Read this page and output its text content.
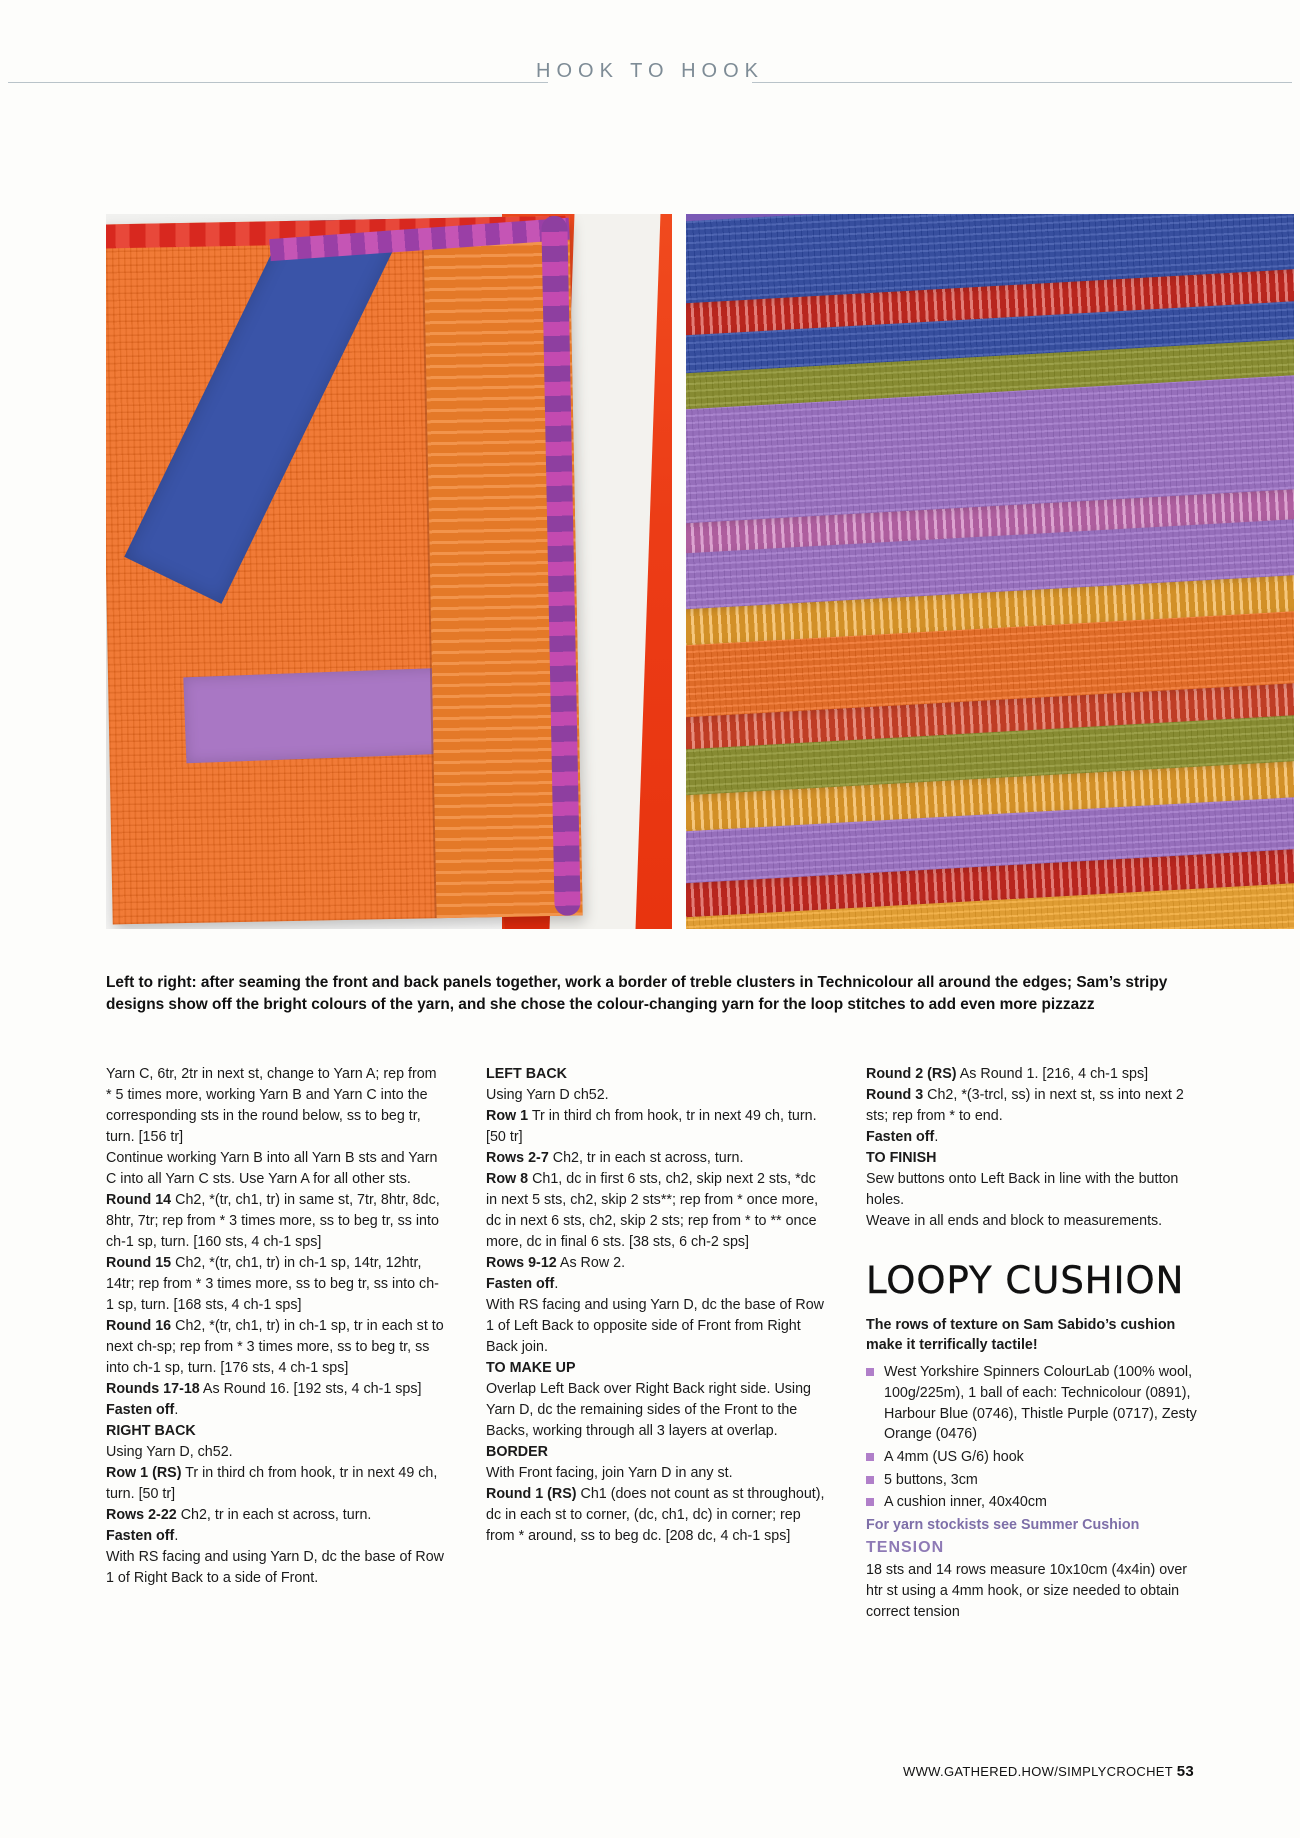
HOOK TO HOOK
Left to right: after seaming the front and back panels together, work a border of treble clusters in Technicolour all around the edges; Sam’s stripy designs show off the bright colours of the yarn, and she chose the colour-changing yarn for the loop stitches to add even more pizzazz

Yarn C, 6tr, 2tr in next st, change to Yarn A; rep from * 5 times more, working Yarn B and Yarn C into the corresponding sts in the round below, ss to beg tr, turn. [156 tr]

Continue working Yarn B into all Yarn B sts and Yarn C into all Yarn C sts. Use Yarn A for all other sts.

Round 14 Ch2, *(tr, ch1, tr) in same st, 7tr, 8htr, 8dc, 8htr, 7tr; rep from * 3 times more, ss to beg tr, ss into ch-1 sp, turn. [160 sts, 4 ch-1 sps]

Round 15 Ch2, *(tr, ch1, tr) in ch-1 sp, 14tr, 12htr, 14tr; rep from * 3 times more, ss to beg tr, ss into ch-1 sp, turn. [168 sts, 4 ch-1 sps]

Round 16 Ch2, *(tr, ch1, tr) in ch-1 sp, tr in each st to next ch-sp; rep from * 3 times more, ss to beg tr, ss into ch-1 sp, turn. [176 sts, 4 ch-1 sps]

Rounds 17-18 As Round 16. [192 sts, 4 ch-1 sps]

Fasten off.

RIGHT BACK

Using Yarn D, ch52.

Row 1 (RS) Tr in third ch from hook, tr in next 49 ch, turn. [50 tr]

Rows 2-22 Ch2, tr in each st across, turn.

Fasten off.

With RS facing and using Yarn D, dc the base of Row 1 of Right Back to a side of Front.

LEFT BACK

Using Yarn D ch52.

Row 1 Tr in third ch from hook, tr in next 49 ch, turn. [50 tr]

Rows 2-7 Ch2, tr in each st across, turn.

Row 8 Ch1, dc in first 6 sts, ch2, skip next 2 sts, *dc in next 5 sts, ch2, skip 2 sts**; rep from * once more, dc in next 6 sts, ch2, skip 2 sts; rep from * to ** once more, dc in final 6 sts. [38 sts, 6 ch-2 sps]

Rows 9-12 As Row 2.

Fasten off.

With RS facing and using Yarn D, dc the base of Row 1 of Left Back to opposite side of Front from Right Back join.

TO MAKE UP

Overlap Left Back over Right Back right side. Using Yarn D, dc the remaining sides of the Front to the Backs, working through all 3 layers at overlap.

BORDER

With Front facing, join Yarn D in any st.

Round 1 (RS) Ch1 (does not count as st throughout), dc in each st to corner, (dc, ch1, dc) in corner; rep from * around, ss to beg dc. [208 dc, 4 ch-1 sps]

Round 2 (RS) As Round 1. [216, 4 ch-1 sps]

Round 3 Ch2, *(3-trcl, ss) in next st, ss into next 2 sts; rep from * to end.

Fasten off.

TO FINISH

Sew buttons onto Left Back in line with the button holes.

Weave in all ends and block to measurements.

LOOPY CUSHION
The rows of texture on Sam Sabido’s cushion make it terrifically tactile!
West Yorkshire Spinners ColourLab (100% wool, 100g/225m), 1 ball of each: Technicolour (0891), Harbour Blue (0746), Thistle Purple (0717), Zesty Orange (0476)
A 4mm (US G/6) hook
5 buttons, 3cm
A cushion inner, 40x40cm

For yarn stockists see Summer Cushion

TENSION

18 sts and 14 rows measure 10x10cm (4x4in) over htr st using a 4mm hook, or size needed to obtain correct tension

WWW.GATHERED.HOW/SIMPLYCROCHET 53
